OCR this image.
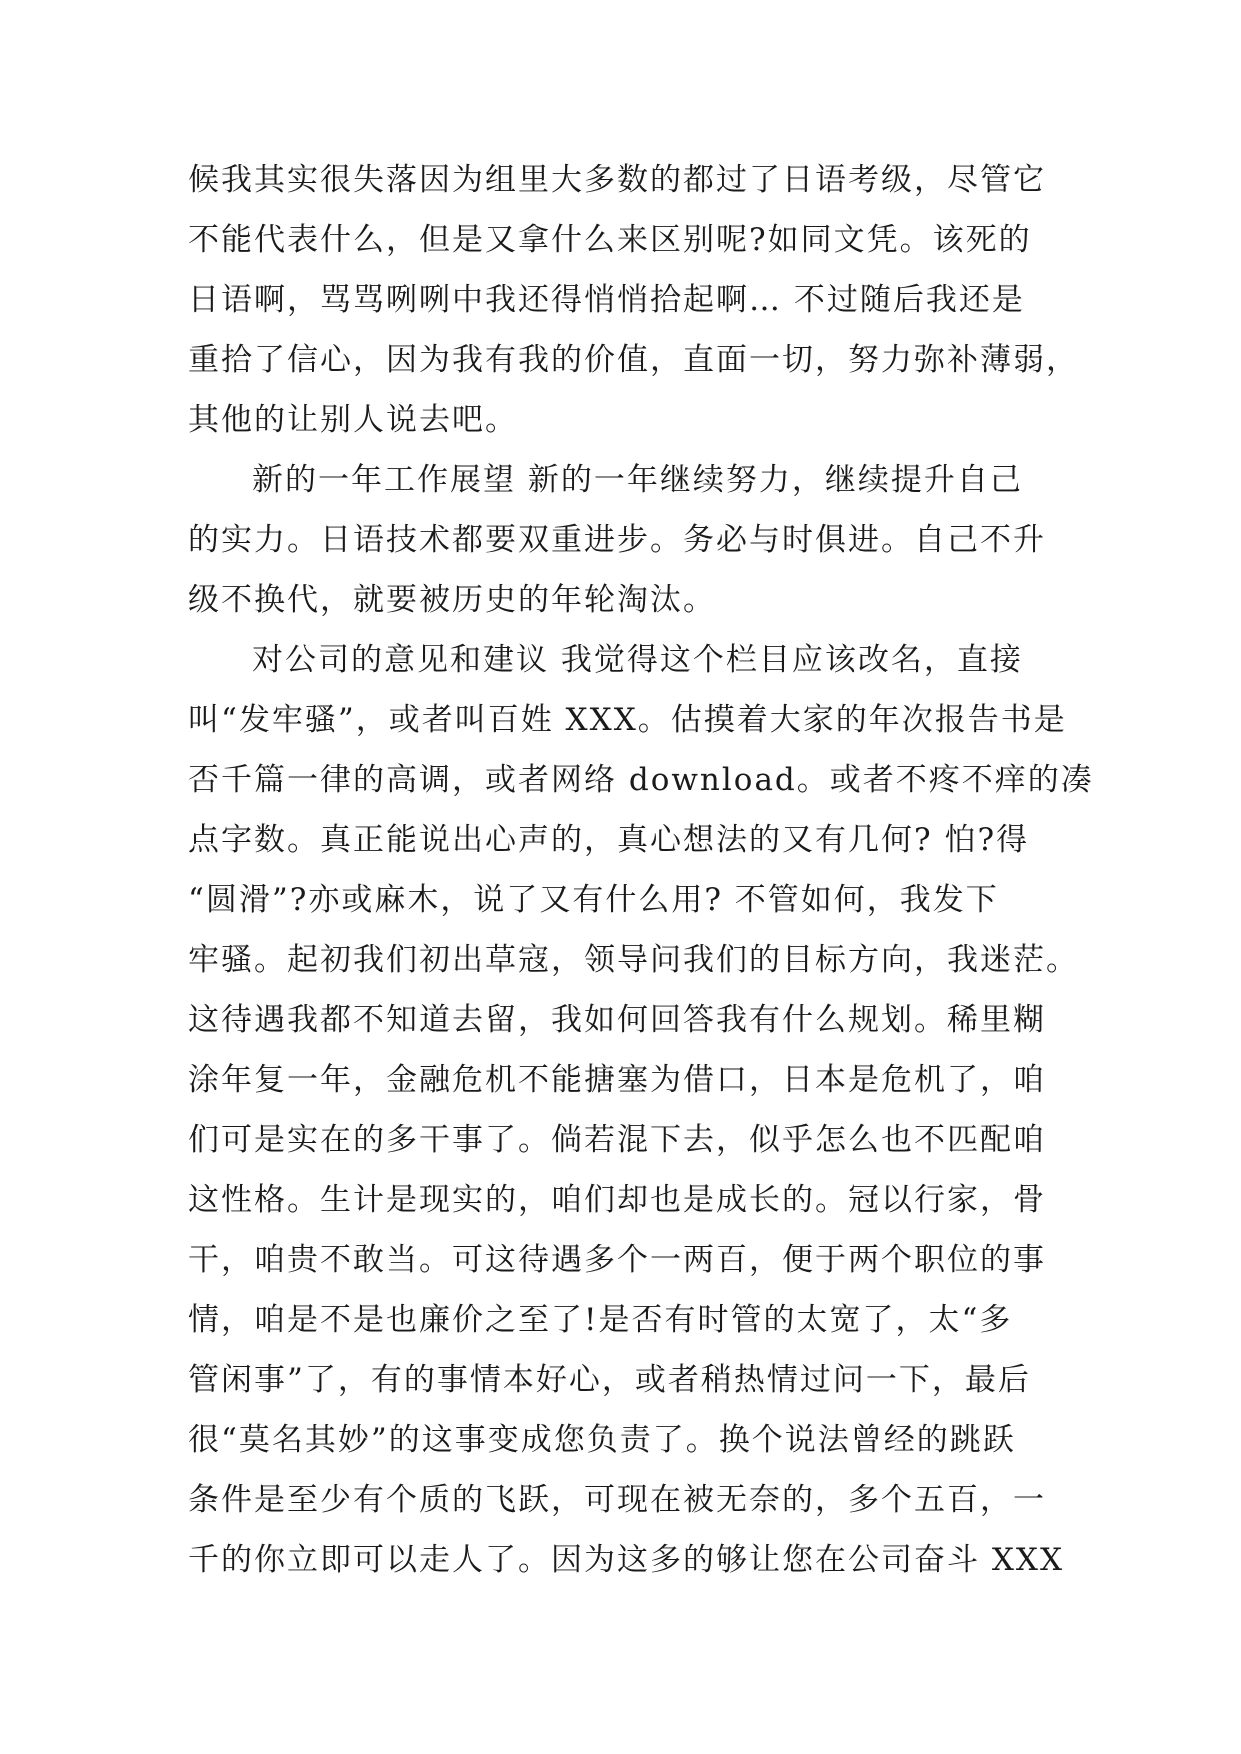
候我其实很失落因为组里大多数的都过了日语考级，尽管它
不能代表什么，但是又拿什么来区别呢?如同文凭。该死的
日语啊，骂骂咧咧中我还得悄悄拾起啊… 不过随后我还是
重拾了信心，因为我有我的价值，直面一切，努力弥补薄弱，
其他的让别人说去吧。
新的一年工作展望 新的一年继续努力，继续提升自己
的实力。日语技术都要双重进步。务必与时俱进。自己不升
级不换代，就要被历史的年轮淘汰。
对公司的意见和建议 我觉得这个栏目应该改名，直接
叫“发牢骚”，或者叫百姓 XXX。估摸着大家的年次报告书是
否千篇一律的高调，或者网络 download。或者不疼不痒的凑
点字数。真正能说出心声的，真心想法的又有几何? 怕?得
“圆滑”?亦或麻木，说了又有什么用? 不管如何，我发下
牢骚。起初我们初出草寇，领导问我们的目标方向，我迷茫。
这待遇我都不知道去留，我如何回答我有什么规划。稀里糊
涂年复一年，金融危机不能搪塞为借口，日本是危机了，咱
们可是实在的多干事了。倘若混下去，似乎怎么也不匹配咱
这性格。生计是现实的，咱们却也是成长的。冠以行家，骨
干，咱贵不敢当。可这待遇多个一两百，便于两个职位的事
情，咱是不是也廉价之至了!是否有时管的太宽了，太“多
管闲事”了，有的事情本好心，或者稍热情过问一下，最后
很“莫名其妙”的这事变成您负责了。换个说法曾经的跳跃
条件是至少有个质的飞跃，可现在被无奈的，多个五百，一
千的你立即可以走人了。因为这多的够让您在公司奋斗 XXX
